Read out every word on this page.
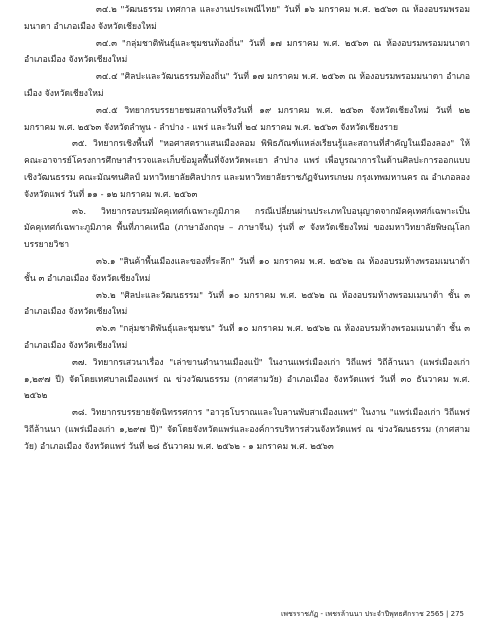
๓๔.๒ "วัฒนธรรม เทศกาล และงานประเพณีไทย" วันที่ ๑๖ มกราคม พ.ศ. ๒๕๖๓ ณ ห้องอบรมพรอมมนาดา อำเภอเมือง จังหวัดเชียงใหม่

๓๔.๓ "กลุ่มชาติพันธุ์และชุมชนท้องถิ่น" วันที่ ๑๗ มกราคม พ.ศ. ๒๕๖๓ ณ ห้องอบรมพรอมมนาดา อำเภอเมือง จังหวัดเชียงใหม่

๓๔.๔ "ศิลปะและวัฒนธรรมท้องถิ่น" วันที่ ๑๗ มกราคม พ.ศ. ๒๕๖๓ ณ ห้องอบรมพรอมมนาดา อำเภอเมือง จังหวัดเชียงใหม่

๓๔.๕ วิทยากรบรรยายชมสถานที่จริงวันที่ ๑๙ มกราคม พ.ศ. ๒๕๖๓ จังหวัดเชียงใหม่ วันที่ ๒๒ มกราคม พ.ศ. ๒๕๖๓ จังหวัดลำพูน - ลำปาง - แพร่ และวันที่ ๒๔ มกราคม พ.ศ. ๒๕๖๓ จังหวัดเชียงราย

๓๕. วิทยากรเชิงพื้นที่ "หอศาสตราแสนเมืองลอม พิพิธภัณฑ์แหล่งเรียนรู้และสถานที่สำคัญในเมืองลอง" ให้คณะอาจารย์โครงการศึกษาสำรวจและเก็บข้อมูลพื้นที่จังหวัดพะเยา ลำปาง แพร่ เพื่อบูรณาการในด้านศิลปะการออกแบบเชิงวัฒนธรรม คณะมัณฑนศิลป์ มหาวิทยาลัยศิลปากร และมหาวิทยาลัยราชภัฏจันทรเกษม กรุงเทพมหานคร ณ อำเภอลอง จังหวัดแพร่ วันที่ ๑๑ - ๑๒ มกราคม พ.ศ. ๒๕๖๓

๓๖. วิทยากรอบรมมัคคุเทศก์เฉพาะภูมิภาค กรณีเปลี่ยนผ่านประเภทใบอนุญาตจากมัคคุเทศก์เฉพาะเป็นมัคคุเทศก์เฉพาะภูมิภาค พื้นที่ภาคเหนือ (ภาษาอังกฤษ – ภาษาจีน) รุ่นที่ ๙ จังหวัดเชียงใหม่ ของมหาวิทยาลัยพิษณุโลก บรรยายวิชา

๓๖.๑ "สินค้าพื้นเมืองและของที่ระลึก" วันที่ ๑๐ มกราคม พ.ศ. ๒๕๖๒ ณ ห้องอบรมห้างพรอมเมนาด้า ชั้น ๓ อำเภอเมือง จังหวัดเชียงใหม่

๓๖.๒ "ศิลปะและวัฒนธรรม" วันที่ ๑๐ มกราคม พ.ศ. ๒๕๖๒ ณ ห้องอบรมห้างพรอมเมนาด้า ชั้น ๓ อำเภอเมือง จังหวัดเชียงใหม่

๓๖.๓ "กลุ่มชาติพันธุ์และชุมชน" วันที่ ๑๐ มกราคม พ.ศ. ๒๕๖๒ ณ ห้องอบรมห้างพรอมเมนาด้า ชั้น ๓ อำเภอเมือง จังหวัดเชียงใหม่

๓๗. วิทยากรเสวนาเรื่อง "เล่าขานตำนานเมืองแป้" ในงานแพร่เมืองเก่า วิถีแพร่ วิถีล้านนา (แพร่เมืองเก่า ๑,๒๙๗ ปี) จัดโดยเทศบาลเมืองแพร่ ณ ข่วงวัฒนธรรม (กาศสามวัย) อำเภอเมือง จังหวัดแพร่ วันที่ ๓๐ ธันวาคม พ.ศ. ๒๕๖๒

๓๘. วิทยากรบรรยายจัดนิทรรศการ "อาวุธโบราณและใบลานพับสาเมืองแพร่" ในงาน "แพร่เมืองเก่า วิถีแพร่ วิถีล้านนา (แพร่เมืองเก่า ๑,๒๙๗ ปี)" จัดโดยจังหวัดแพร่และองค์การบริหารส่วนจังหวัดแพร่ ณ ข่วงวัฒนธรรม (กาศสามวัย) อำเภอเมือง จังหวัดแพร่ วันที่ ๒๘ ธันวาคม พ.ศ. ๒๕๖๒ - ๑ มกราคม พ.ศ. ๒๕๖๓

เพชรราชภัฏ - เพชรล้านนา ประจำปีพุทธศักราช 2565 | 275
